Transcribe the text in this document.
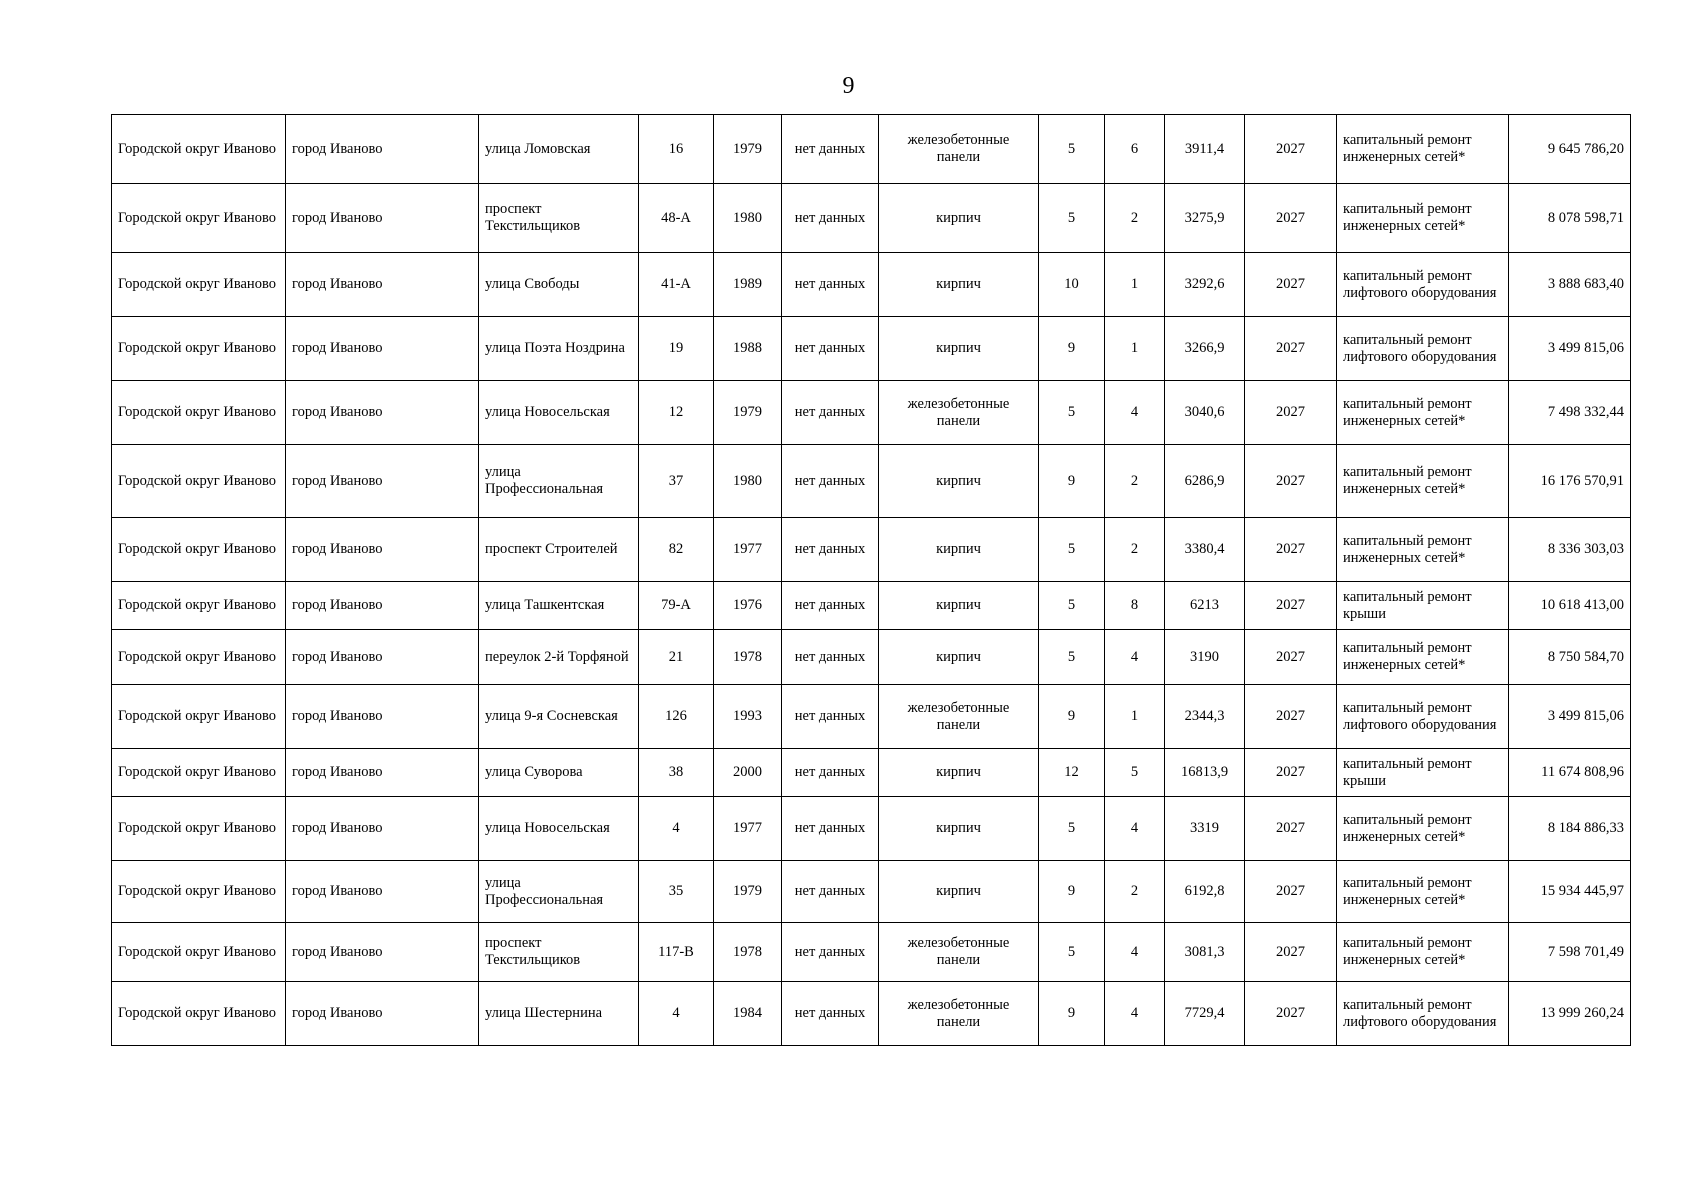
9
Городской округ Иваново	город Иваново	улица Ломовская	16	1979	нет данных	железобетонные панели	5	6	3911,4	2027	капитальный ремонт инженерных сетей*	9 645 786,20
Городской округ Иваново	город Иваново	проспект Текстильщиков	48-А	1980	нет данных	кирпич	5	2	3275,9	2027	капитальный ремонт инженерных сетей*	8 078 598,71
Городской округ Иваново	город Иваново	улица Свободы	41-А	1989	нет данных	кирпич	10	1	3292,6	2027	капитальный ремонт лифтового оборудования	3 888 683,40
Городской округ Иваново	город Иваново	улица Поэта Ноздрина	19	1988	нет данных	кирпич	9	1	3266,9	2027	капитальный ремонт лифтового оборудования	3 499 815,06
Городской округ Иваново	город Иваново	улица Новосельская	12	1979	нет данных	железобетонные панели	5	4	3040,6	2027	капитальный ремонт инженерных сетей*	7 498 332,44
Городской округ Иваново	город Иваново	улица Профессиональная	37	1980	нет данных	кирпич	9	2	6286,9	2027	капитальный ремонт инженерных сетей*	16 176 570,91
Городской округ Иваново	город Иваново	проспект Строителей	82	1977	нет данных	кирпич	5	2	3380,4	2027	капитальный ремонт инженерных сетей*	8 336 303,03
Городской округ Иваново	город Иваново	улица Ташкентская	79-А	1976	нет данных	кирпич	5	8	6213	2027	капитальный ремонт крыши	10 618 413,00
Городской округ Иваново	город Иваново	переулок 2-й Торфяной	21	1978	нет данных	кирпич	5	4	3190	2027	капитальный ремонт инженерных сетей*	8 750 584,70
Городской округ Иваново	город Иваново	улица 9-я Сосневская	126	1993	нет данных	железобетонные панели	9	1	2344,3	2027	капитальный ремонт лифтового оборудования	3 499 815,06
Городской округ Иваново	город Иваново	улица Суворова	38	2000	нет данных	кирпич	12	5	16813,9	2027	капитальный ремонт крыши	11 674 808,96
Городской округ Иваново	город Иваново	улица Новосельская	4	1977	нет данных	кирпич	5	4	3319	2027	капитальный ремонт инженерных сетей*	8 184 886,33
Городской округ Иваново	город Иваново	улица Профессиональная	35	1979	нет данных	кирпич	9	2	6192,8	2027	капитальный ремонт инженерных сетей*	15 934 445,97
Городской округ Иваново	город Иваново	проспект Текстильщиков	117-В	1978	нет данных	железобетонные панели	5	4	3081,3	2027	капитальный ремонт инженерных сетей*	7 598 701,49
Городской округ Иваново	город Иваново	улица Шестернина	4	1984	нет данных	железобетонные панели	9	4	7729,4	2027	капитальный ремонт лифтового оборудования	13 999 260,24
